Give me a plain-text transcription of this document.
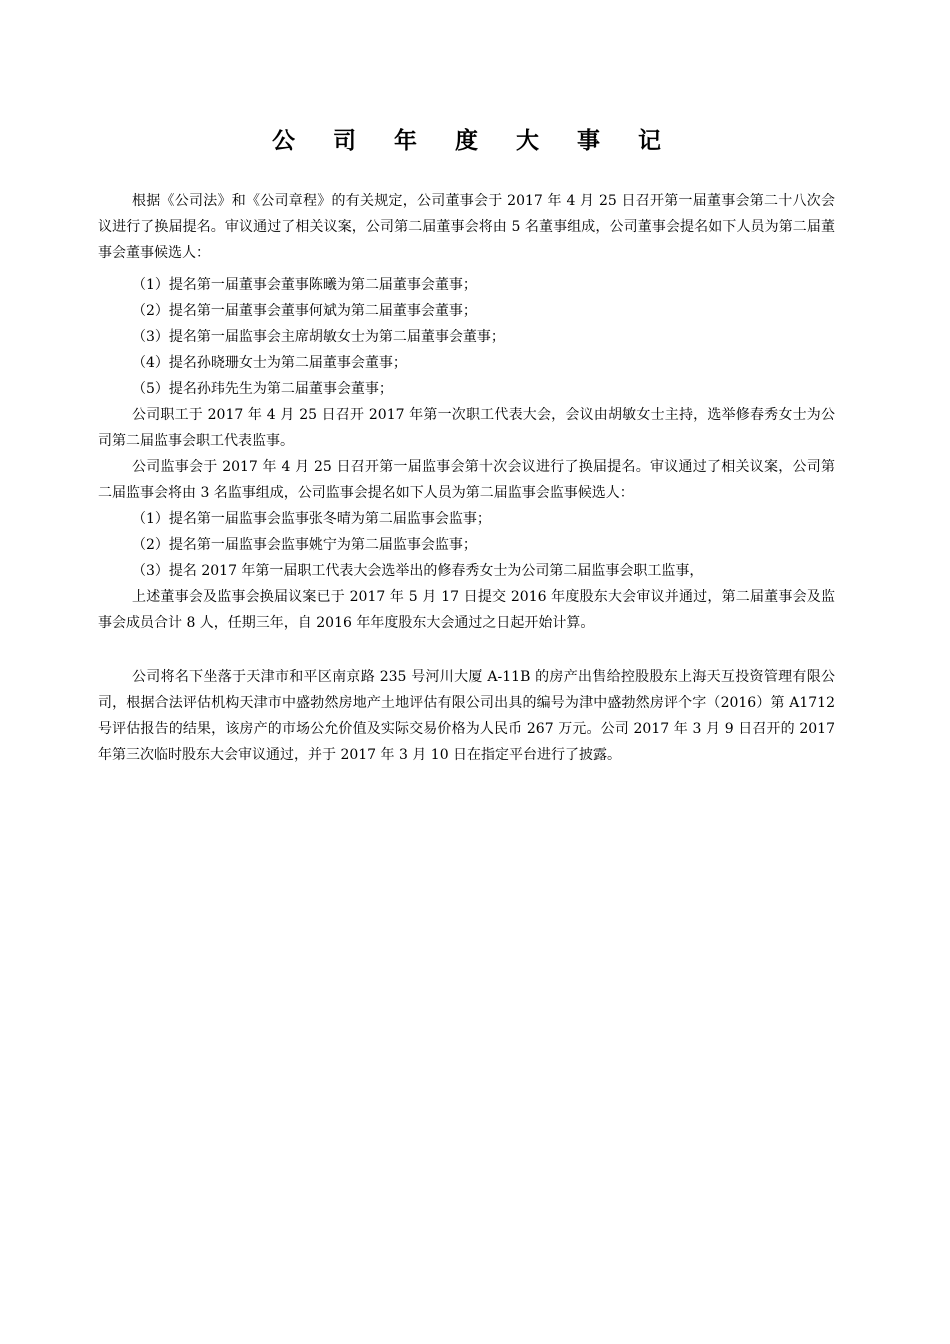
公 司 年 度 大 事 记

根据《公司法》和《公司章程》的有关规定，公司董事会于 2017 年 4 月 25 日召开第一届董事会第二十八次会议进行了换届提名。审议通过了相关议案，公司第二届董事会将由 5 名董事组成，公司董事会提名如下人员为第二届董事会董事候选人：

（1）提名第一届董事会董事陈曦为第二届董事会董事；

（2）提名第一届董事会董事何斌为第二届董事会董事；

（3）提名第一届监事会主席胡敏女士为第二届董事会董事；

（4）提名孙晓珊女士为第二届董事会董事；

（5）提名孙玮先生为第二届董事会董事；

公司职工于 2017 年 4 月 25 日召开 2017 年第一次职工代表大会，会议由胡敏女士主持，选举修春秀女士为公司第二届监事会职工代表监事。

公司监事会于 2017 年 4 月 25 日召开第一届监事会第十次会议进行了换届提名。审议通过了相关议案，公司第二届监事会将由 3 名监事组成，公司监事会提名如下人员为第二届监事会监事候选人：

（1）提名第一届监事会监事张冬晴为第二届监事会监事；

（2）提名第一届监事会监事姚宁为第二届监事会监事；

（3）提名 2017 年第一届职工代表大会选举出的修春秀女士为公司第二届监事会职工监事，

上述董事会及监事会换届议案已于 2017 年 5 月 17 日提交 2016 年度股东大会审议并通过，第二届董事会及监事会成员合计 8 人，任期三年，自 2016 年年度股东大会通过之日起开始计算。

公司将名下坐落于天津市和平区南京路 235 号河川大厦 A-11B 的房产出售给控股股东上海天互投资管理有限公司，根据合法评估机构天津市中盛勃然房地产土地评估有限公司出具的编号为津中盛勃然房评个字（2016）第 A1712 号评估报告的结果，该房产的市场公允价值及实际交易价格为人民币 267 万元。公司 2017 年 3 月 9 日召开的 2017 年第三次临时股东大会审议通过，并于 2017 年 3 月 10 日在指定平台进行了披露。
